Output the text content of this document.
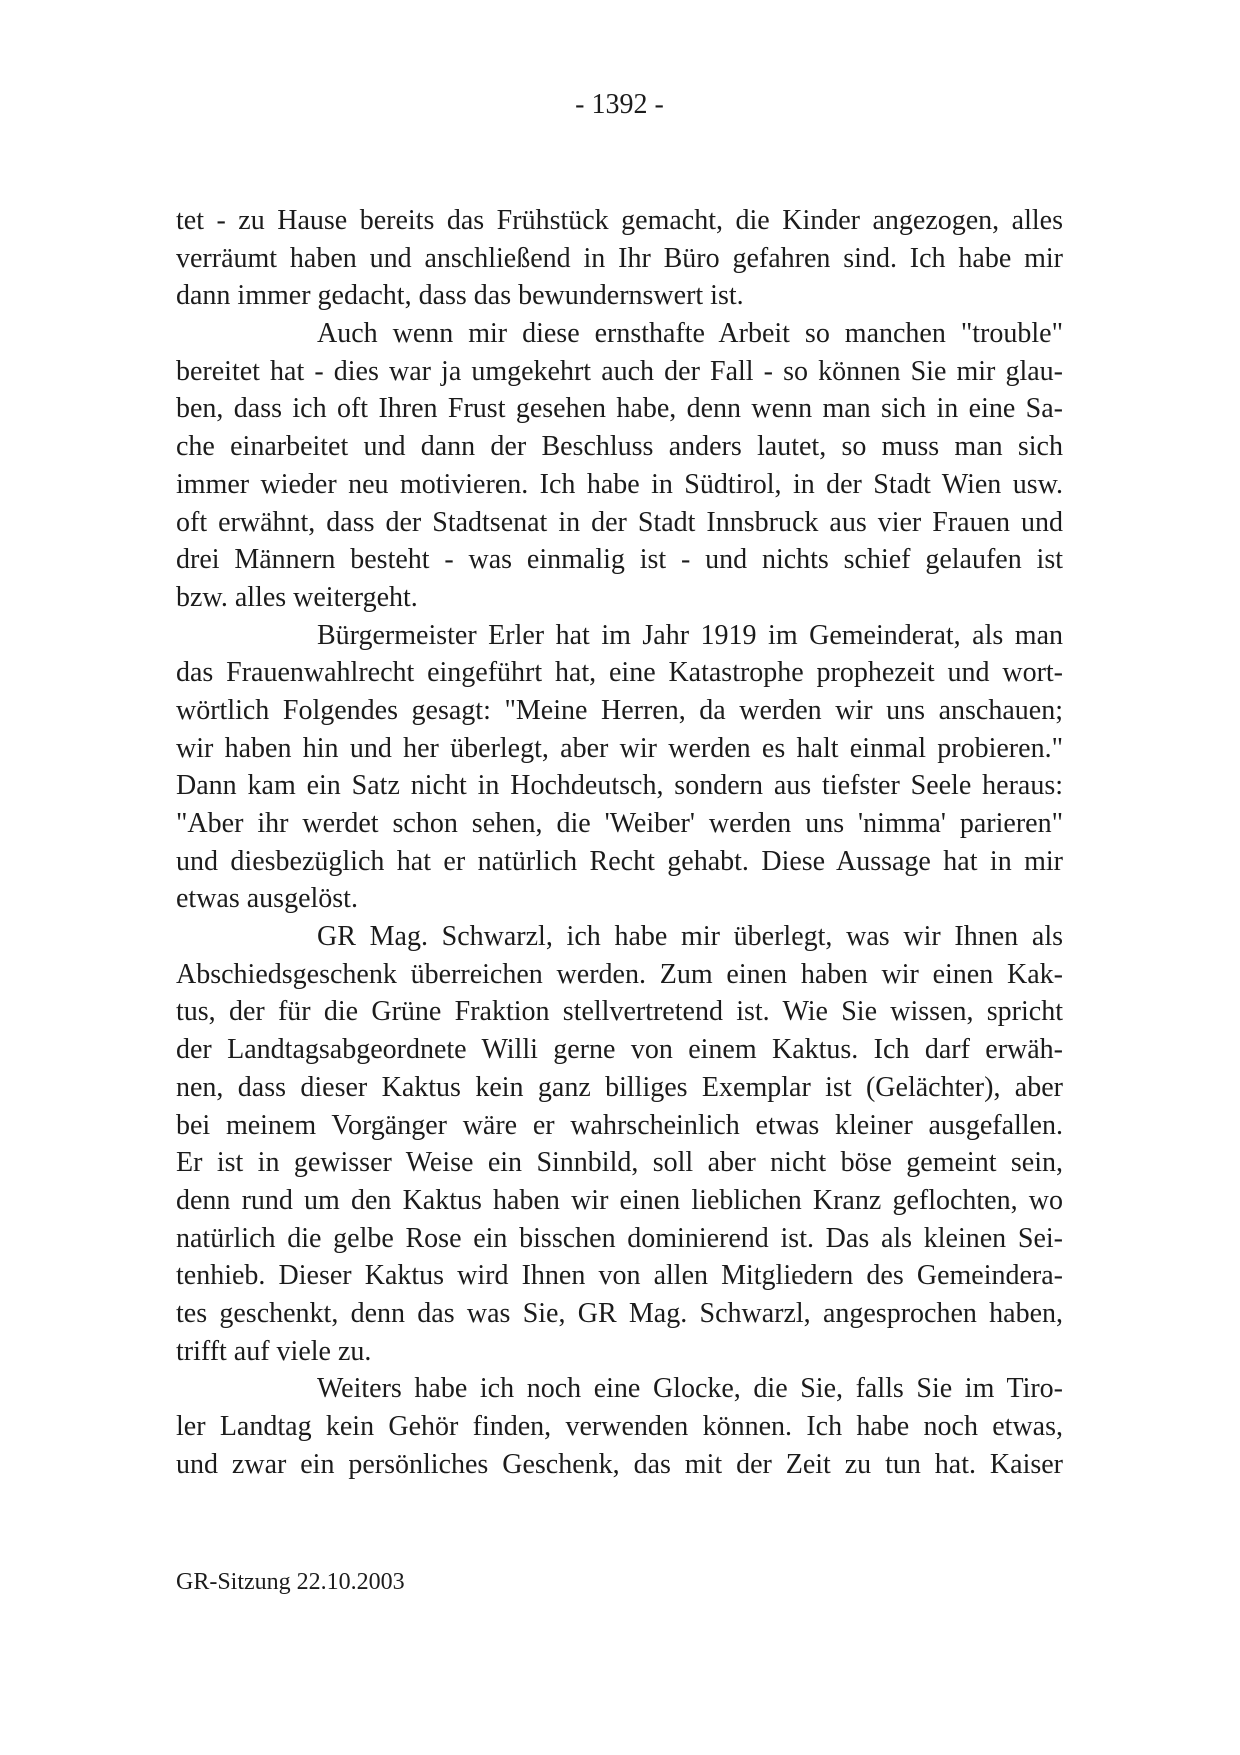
- 1392 -
tet - zu Hause bereits das Frühstück gemacht, die Kinder angezogen, alles
verräumt haben und anschließend in Ihr Büro gefahren sind. Ich habe mir
dann immer gedacht, dass das bewundernswert ist.
Auch wenn mir diese ernsthafte Arbeit so manchen "trouble"
bereitet hat - dies war ja umgekehrt auch der Fall - so können Sie mir glau-
ben, dass ich oft Ihren Frust gesehen habe, denn wenn man sich in eine Sa-
che einarbeitet und dann der Beschluss anders lautet, so muss man sich
immer wieder neu motivieren. Ich habe in Südtirol, in der Stadt Wien usw.
oft erwähnt, dass der Stadtsenat in der Stadt Innsbruck aus vier Frauen und
drei Männern besteht - was einmalig ist - und nichts schief gelaufen ist
bzw. alles weitergeht.
Bürgermeister Erler hat im Jahr 1919 im Gemeinderat, als man
das Frauenwahlrecht eingeführt hat, eine Katastrophe prophezeit und wort-
wörtlich Folgendes gesagt: "Meine Herren, da werden wir uns anschauen;
wir haben hin und her überlegt, aber wir werden es halt einmal probieren."
Dann kam ein Satz nicht in Hochdeutsch, sondern aus tiefster Seele heraus:
"Aber ihr werdet schon sehen, die 'Weiber' werden uns 'nimma' parieren"
und diesbezüglich hat er natürlich Recht gehabt. Diese Aussage hat in mir
etwas ausgelöst.
GR Mag. Schwarzl, ich habe mir überlegt, was wir Ihnen als
Abschiedsgeschenk überreichen werden. Zum einen haben wir einen Kak-
tus, der für die Grüne Fraktion stellvertretend ist. Wie Sie wissen, spricht
der Landtagsabgeordnete Willi gerne von einem Kaktus. Ich darf erwäh-
nen, dass dieser Kaktus kein ganz billiges Exemplar ist (Gelächter), aber
bei meinem Vorgänger wäre er wahrscheinlich etwas kleiner ausgefallen.
Er ist in gewisser Weise ein Sinnbild, soll aber nicht böse gemeint sein,
denn rund um den Kaktus haben wir einen lieblichen Kranz geflochten, wo
natürlich die gelbe Rose ein bisschen dominierend ist. Das als kleinen Sei-
tenhieb. Dieser Kaktus wird Ihnen von allen Mitgliedern des Gemeindera-
tes geschenkt, denn das was Sie, GR Mag. Schwarzl, angesprochen haben,
trifft auf viele zu.
Weiters habe ich noch eine Glocke, die Sie, falls Sie im Tiro-
ler Landtag kein Gehör finden, verwenden können. Ich habe noch etwas,
und zwar ein persönliches Geschenk, das mit der Zeit zu tun hat. Kaiser
GR-Sitzung 22.10.2003
